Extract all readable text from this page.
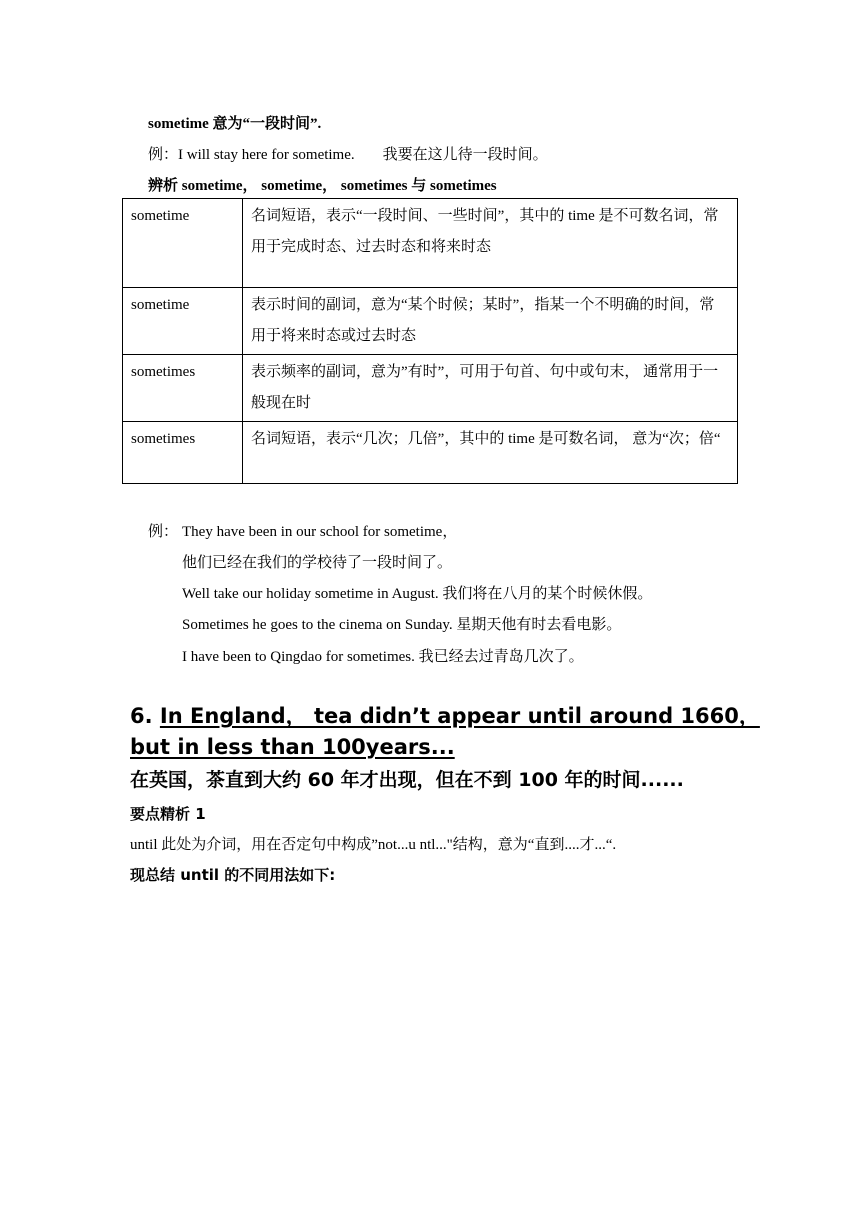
sometime 意为“一段时间”.
例：I will stay here for sometime. 我要在这儿待一段时间。
辨析 sometime， sometime， sometimes 与 sometimes
sometime	名词短语，表示“一段时间、一些时间”，其中的 time 是不可数名词，常用于完成时态、过去时态和将来时态
sometime	表示时间的副词，意为“某个时候；某时”，指某一个不明确的时间，常用于将来时态或过去时态
sometimes	表示频率的副词，意为”有时”，可用于句首、句中或句末， 通常用于一般现在时
sometimes	名词短语，表示“几次；几倍”，其中的 time 是可数名词， 意为“次；倍“
例： They have been in our school for sometime，
他们已经在我们的学校待了一段时间了。
Well take our holiday sometime in August. 我们将在八月的某个时候休假。
Sometimes he goes to the cinema on Sunday. 星期天他有时去看电影。
I have been to Qingdao for sometimes. 我已经去过青岛几次了。
6. In England， tea didn’t appear until around 1660，
but in less than 100years...
在英国，茶直到大约 60 年才出现，但在不到 100 年的时间......
要点精析 1
until 此处为介词，用在否定句中构成”not...u ntl..."结构，意为“直到....才...“.
现总结 until 的不同用法如下:
